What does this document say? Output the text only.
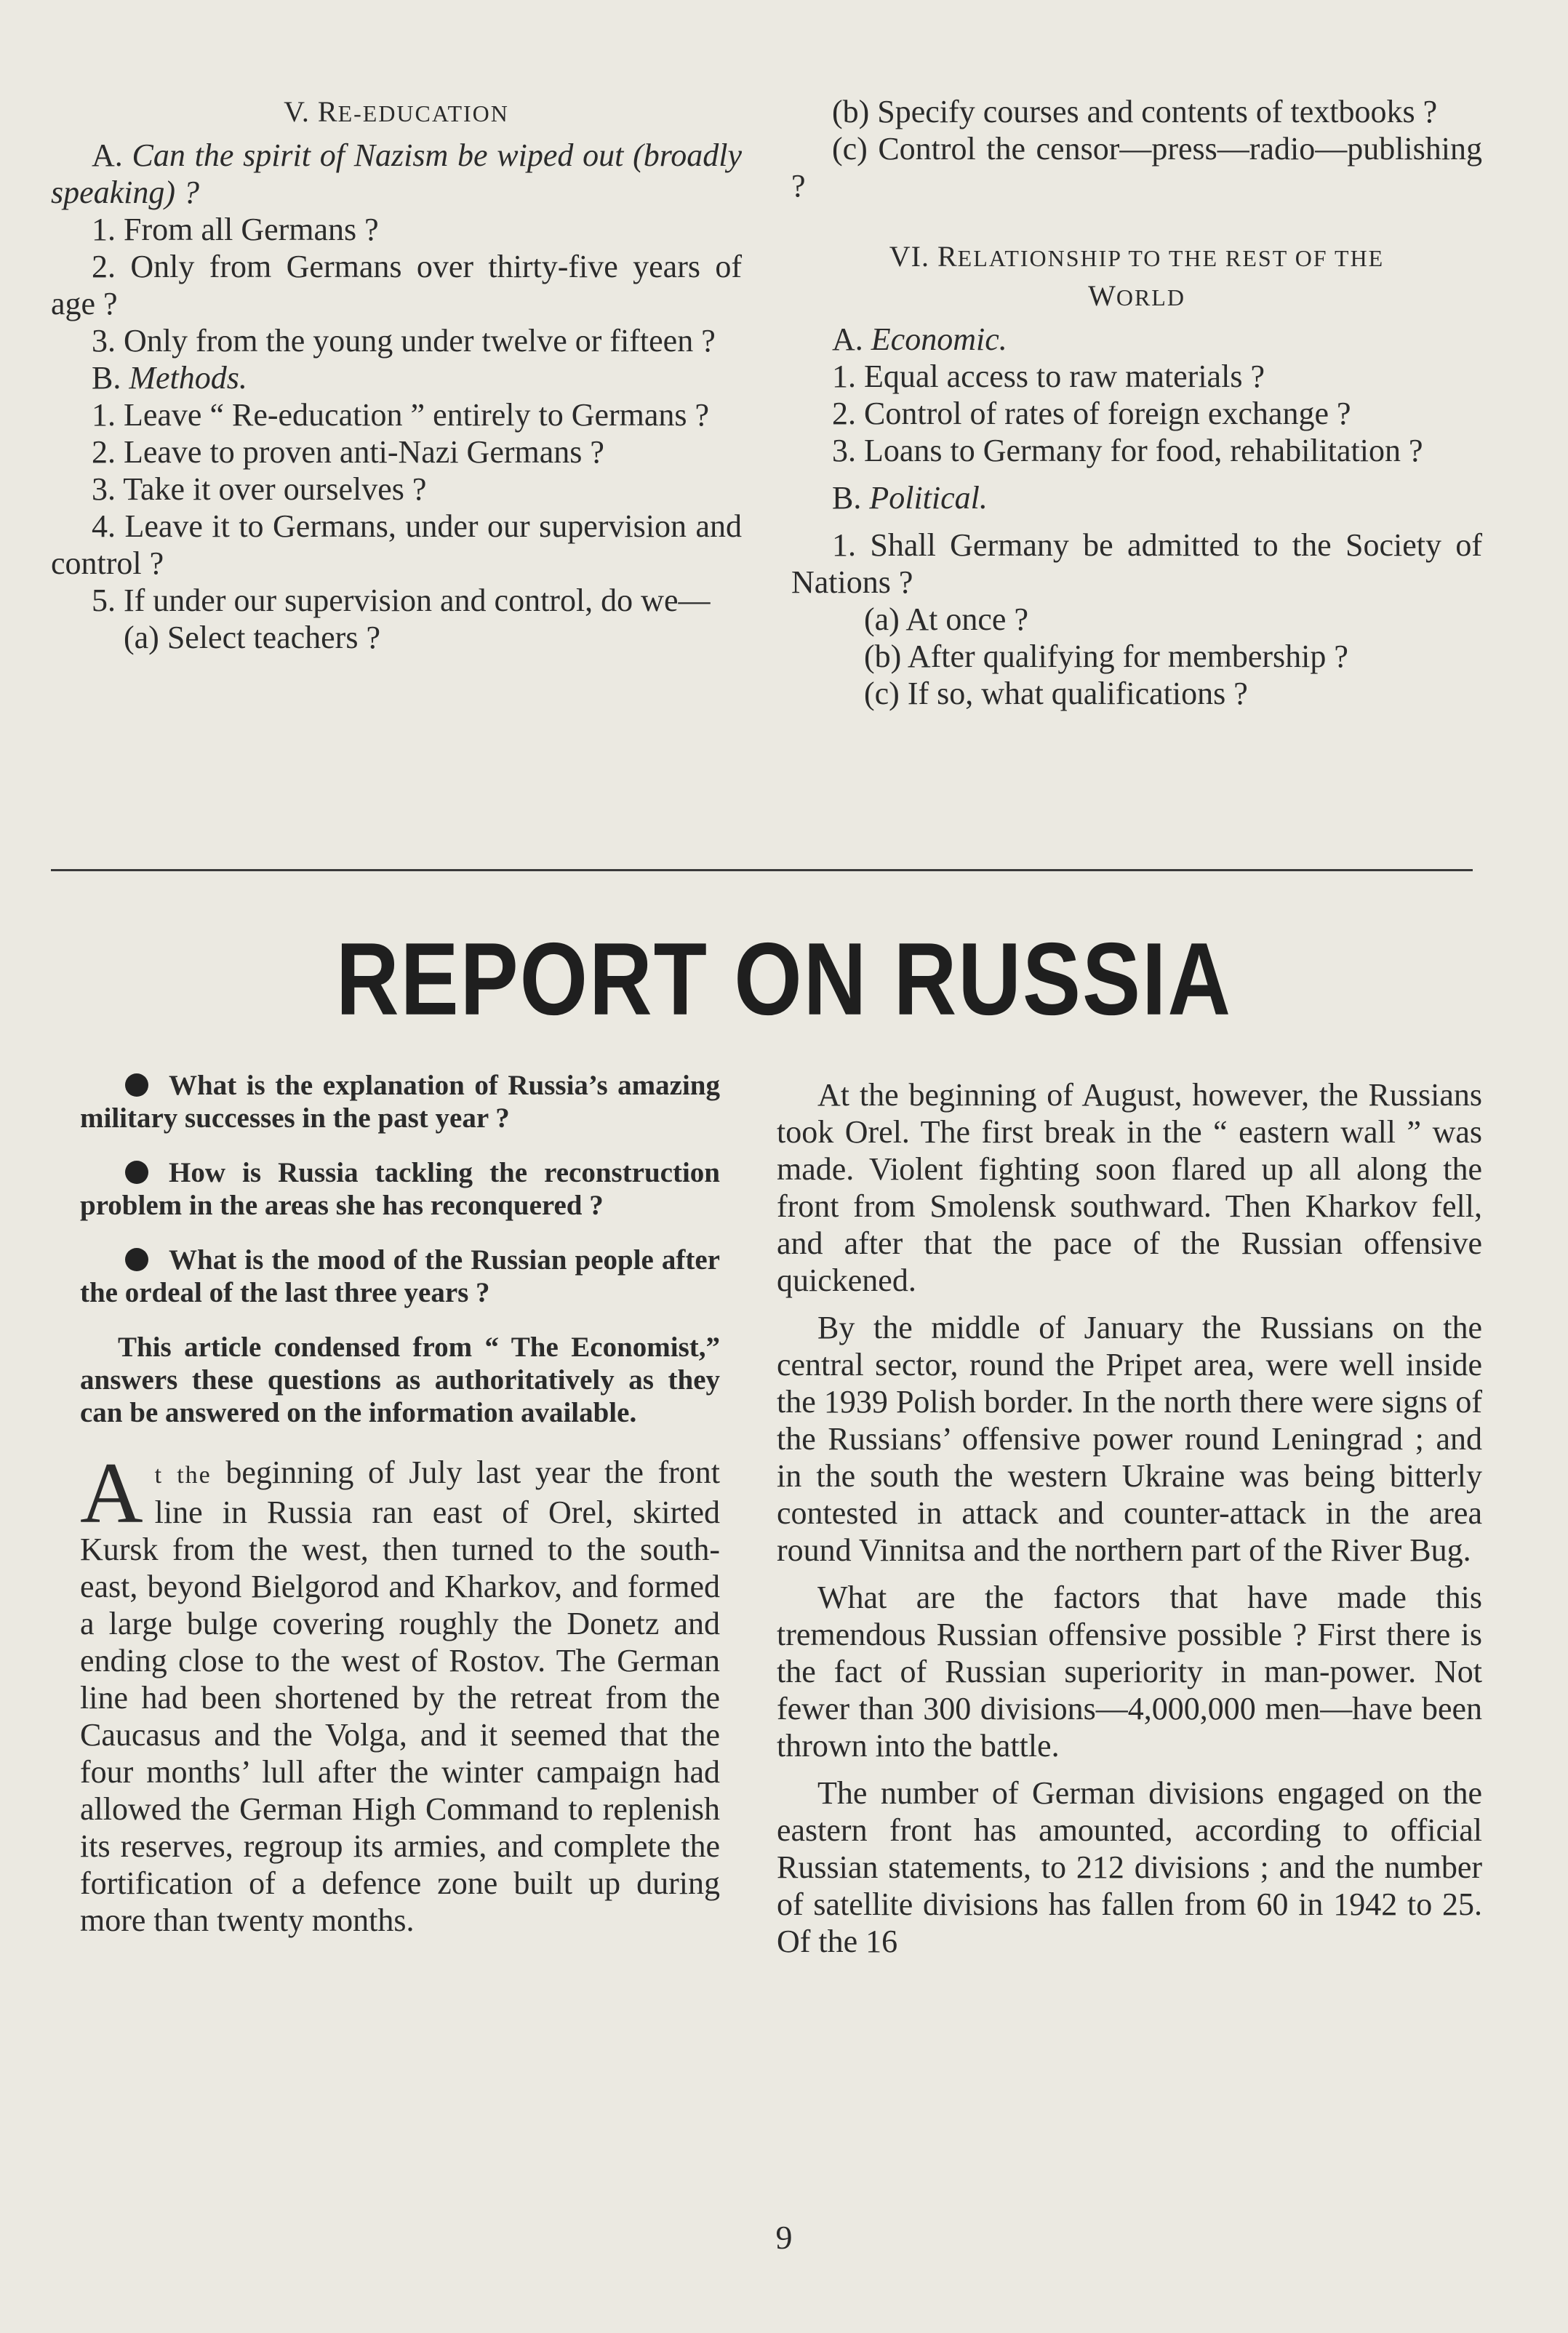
V. RE-EDUCATION

A. Can the spirit of Nazism be wiped out (broadly speaking) ?

1. From all Germans ?

2. Only from Germans over thirty-five years of age ?

3. Only from the young under twelve or fifteen ?

B. Methods.

1. Leave “ Re-education ” entirely to Germans ?

2. Leave to proven anti-Nazi Germans ?

3. Take it over ourselves ?

4. Leave it to Germans, under our supervision and control ?

5. If under our supervision and control, do we—

(a) Select teachers ?

(b) Specify courses and contents of textbooks ?

(c) Control the censor—press—radio—publishing ?

VI. RELATIONSHIP TO THE REST OF THE
WORLD

A. Economic.

1. Equal access to raw materials ?

2. Control of rates of foreign exchange ?

3. Loans to Germany for food, rehabilitation ?

B. Political.

1. Shall Germany be admitted to the Society of Nations ?

(a) At once ?

(b) After qualifying for membership ?

(c) If so, what qualifications ?

REPORT ON RUSSIA

What is the explanation of Russia’s amazing military successes in the past year ?

How is Russia tackling the reconstruction problem in the areas she has reconquered ?

What is the mood of the Russian people after the ordeal of the last three years ?

This article condensed from “ The Economist,” answers these questions as authoritatively as they can be answered on the information available.

At the beginning of July last year the front line in Russia ran east of Orel, skirted Kursk from the west, then turned to the south-east, beyond Bielgorod and Kharkov, and formed a large bulge covering roughly the Donetz and ending close to the west of Rostov. The German line had been shortened by the retreat from the Caucasus and the Volga, and it seemed that the four months’ lull after the winter campaign had allowed the German High Command to replenish its reserves, regroup its armies, and complete the fortification of a defence zone built up during more than twenty months.

At the beginning of August, however, the Russians took Orel. The first break in the “ eastern wall ” was made. Violent fighting soon flared up all along the front from Smolensk southward. Then Kharkov fell, and after that the pace of the Russian offensive quickened.

By the middle of January the Russians on the central sector, round the Pripet area, were well inside the 1939 Polish border. In the north there were signs of the Russians’ offensive power round Leningrad ; and in the south the western Ukraine was being bitterly contested in attack and counter-attack in the area round Vinnitsa and the northern part of the River Bug.

What are the factors that have made this tremendous Russian offensive possible ? First there is the fact of Russian superiority in man-power. Not fewer than 300 divisions—4,000,000 men—have been thrown into the battle.

The number of German divisions engaged on the eastern front has amounted, according to official Russian statements, to 212 divisions ; and the number of satellite divisions has fallen from 60 in 1942 to 25. Of the 16

9
